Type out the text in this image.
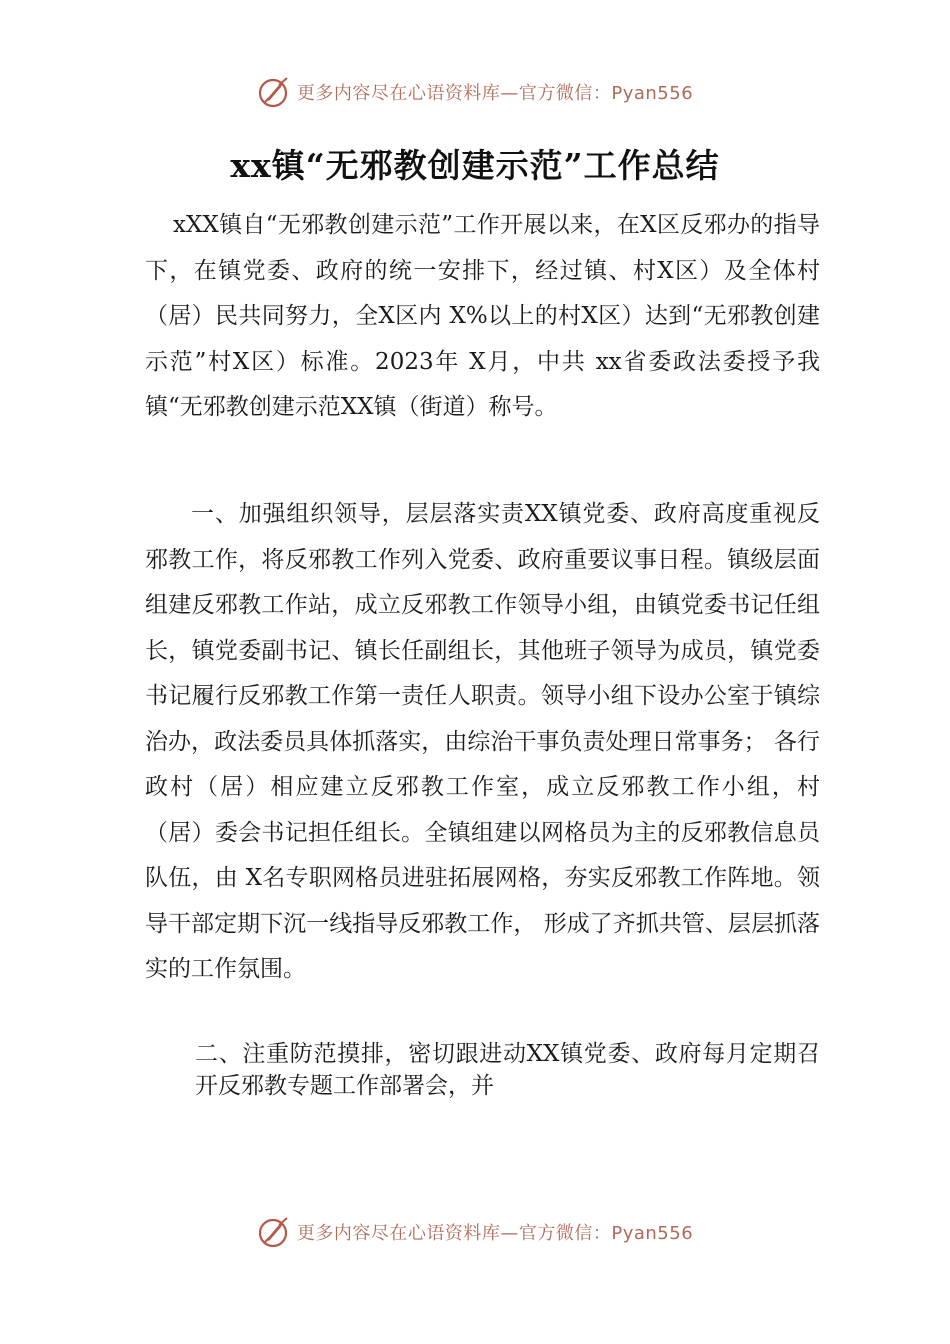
更多内容尽在心语资料库—官方微信：Pyan556
xx镇“无邪教创建示范”工作总结

xXX镇自“无邪教创建示范”工作开展以来，在X区反邪办的指导下，在镇党委、政府的统一安排下，经过镇、村X区）及全体村（居）民共同努力，全X区内 X%以上的村X区）达到“无邪教创建示范”村X区）标准。2023年 X月，中共 xx省委政法委授予我镇“无邪教创建示范XX镇（街道）称号。

一、加强组织领导，层层落实责XX镇党委、政府高度重视反邪教工作，将反邪教工作列入党委、政府重要议事日程。镇级层面组建反邪教工作站，成立反邪教工作领导小组，由镇党委书记任组长，镇党委副书记、镇长任副组长，其他班子领导为成员，镇党委书记履行反邪教工作第一责任人职责。领导小组下设办公室于镇综治办，政法委员具体抓落实，由综治干事负责处理日常事务； 各行政村（居）相应建立反邪教工作室，成立反邪教工作小组，村（居）委会书记担任组长。全镇组建以网格员为主的反邪教信息员队伍，由 X名专职网格员进驻拓展网格，夯实反邪教工作阵地。领导干部定期下沉一线指导反邪教工作， 形成了齐抓共管、层层抓落实的工作氛围。

二、注重防范摸排，密切跟进动XX镇党委、政府每月定期召开反邪教专题工作部署会，并

更多内容尽在心语资料库—官方微信：Pyan556
